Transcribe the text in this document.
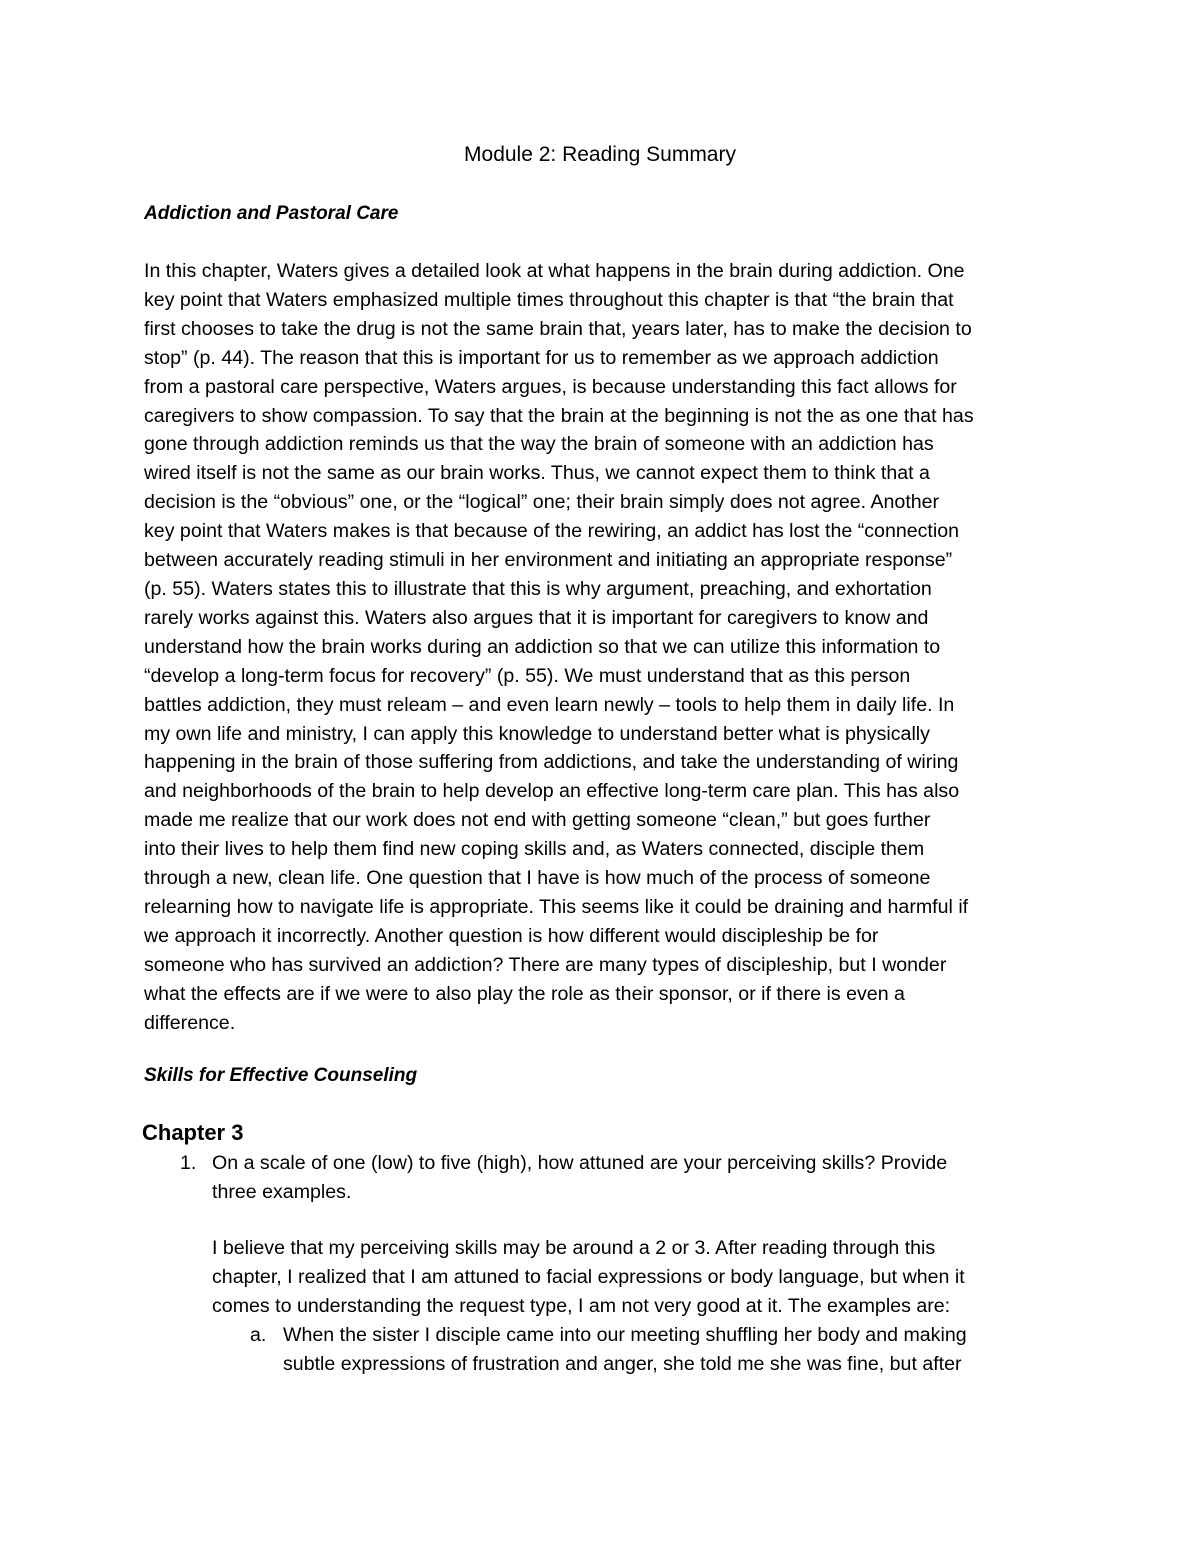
Module 2: Reading Summary
Addiction and Pastoral Care
In this chapter, Waters gives a detailed look at what happens in the brain during addiction. One
key point that Waters emphasized multiple times throughout this chapter is that “the brain that
first chooses to take the drug is not the same brain that, years later, has to make the decision to
stop” (p. 44). The reason that this is important for us to remember as we approach addiction
from a pastoral care perspective, Waters argues, is because understanding this fact allows for
caregivers to show compassion. To say that the brain at the beginning is not the as one that has
gone through addiction reminds us that the way the brain of someone with an addiction has
wired itself is not the same as our brain works. Thus, we cannot expect them to think that a
decision is the “obvious” one, or the “logical” one; their brain simply does not agree. Another
key point that Waters makes is that because of the rewiring, an addict has lost the “connection
between accurately reading stimuli in her environment and initiating an appropriate response”
(p. 55). Waters states this to illustrate that this is why argument, preaching, and exhortation
rarely works against this. Waters also argues that it is important for caregivers to know and
understand how the brain works during an addiction so that we can utilize this information to
“develop a long-term focus for recovery” (p. 55). We must understand that as this person
battles addiction, they must releam – and even learn newly – tools to help them in daily life. In
my own life and ministry, I can apply this knowledge to understand better what is physically
happening in the brain of those suffering from addictions, and take the understanding of wiring
and neighborhoods of the brain to help develop an effective long-term care plan. This has also
made me realize that our work does not end with getting someone “clean,” but goes further
into their lives to help them find new coping skills and, as Waters connected, disciple them
through a new, clean life. One question that I have is how much of the process of someone
relearning how to navigate life is appropriate. This seems like it could be draining and harmful if
we approach it incorrectly. Another question is how different would discipleship be for
someone who has survived an addiction? There are many types of discipleship, but I wonder
what the effects are if we were to also play the role as their sponsor, or if there is even a
difference.
Skills for Effective Counseling
Chapter 3
1. On a scale of one (low) to five (high), how attuned are your perceiving skills? Provide
three examples.
I believe that my perceiving skills may be around a 2 or 3. After reading through this
chapter, I realized that I am attuned to facial expressions or body language, but when it
comes to understanding the request type, I am not very good at it. The examples are:
a. When the sister I disciple came into our meeting shuffling her body and making
subtle expressions of frustration and anger, she told me she was fine, but after
